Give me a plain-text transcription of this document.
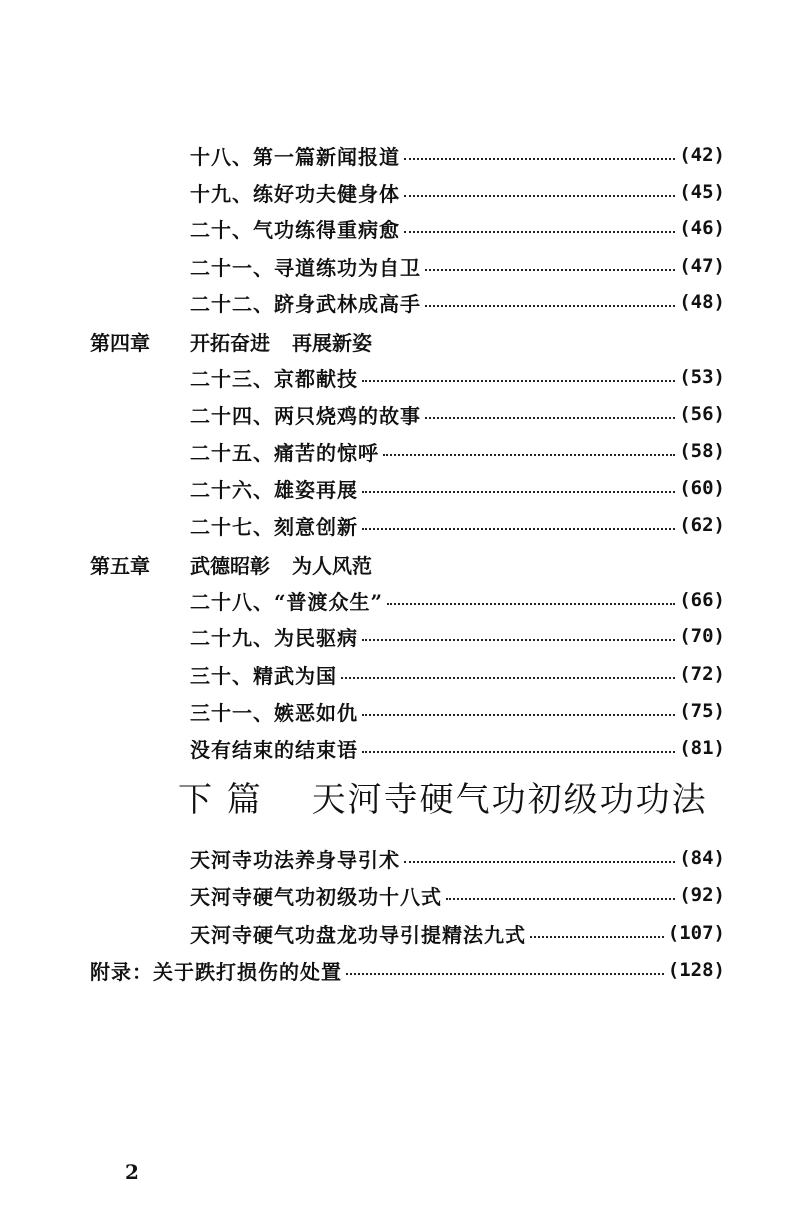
十八、第一篇新闻报道	(42)
十九、练好功夫健身体	(45)
二十、气功练得重病愈	(46)
二十一、寻道练功为自卫	(47)
二十二、跻身武林成高手	(48)
第四章	开拓奋进 再展新姿
二十三、京都献技	(53)
二十四、两只烧鸡的故事	(56)
二十五、痛苦的惊呼	(58)
二十六、雄姿再展	(60)
二十七、刻意创新	(62)
第五章	武德昭彰 为人风范
二十八、“普渡众生”	(66)
二十九、为民驱病	(70)
三十、精武为国	(72)
三十一、嫉恶如仇	(75)
没有结束的结束语	(81)
下 篇 天河寺硬气功初级功功法
天河寺功法养身导引术	(84)
天河寺硬气功初级功十八式	(92)
天河寺硬气功盘龙功导引提精法九式	(107)
附录：关于跌打损伤的处置	(128)
2
